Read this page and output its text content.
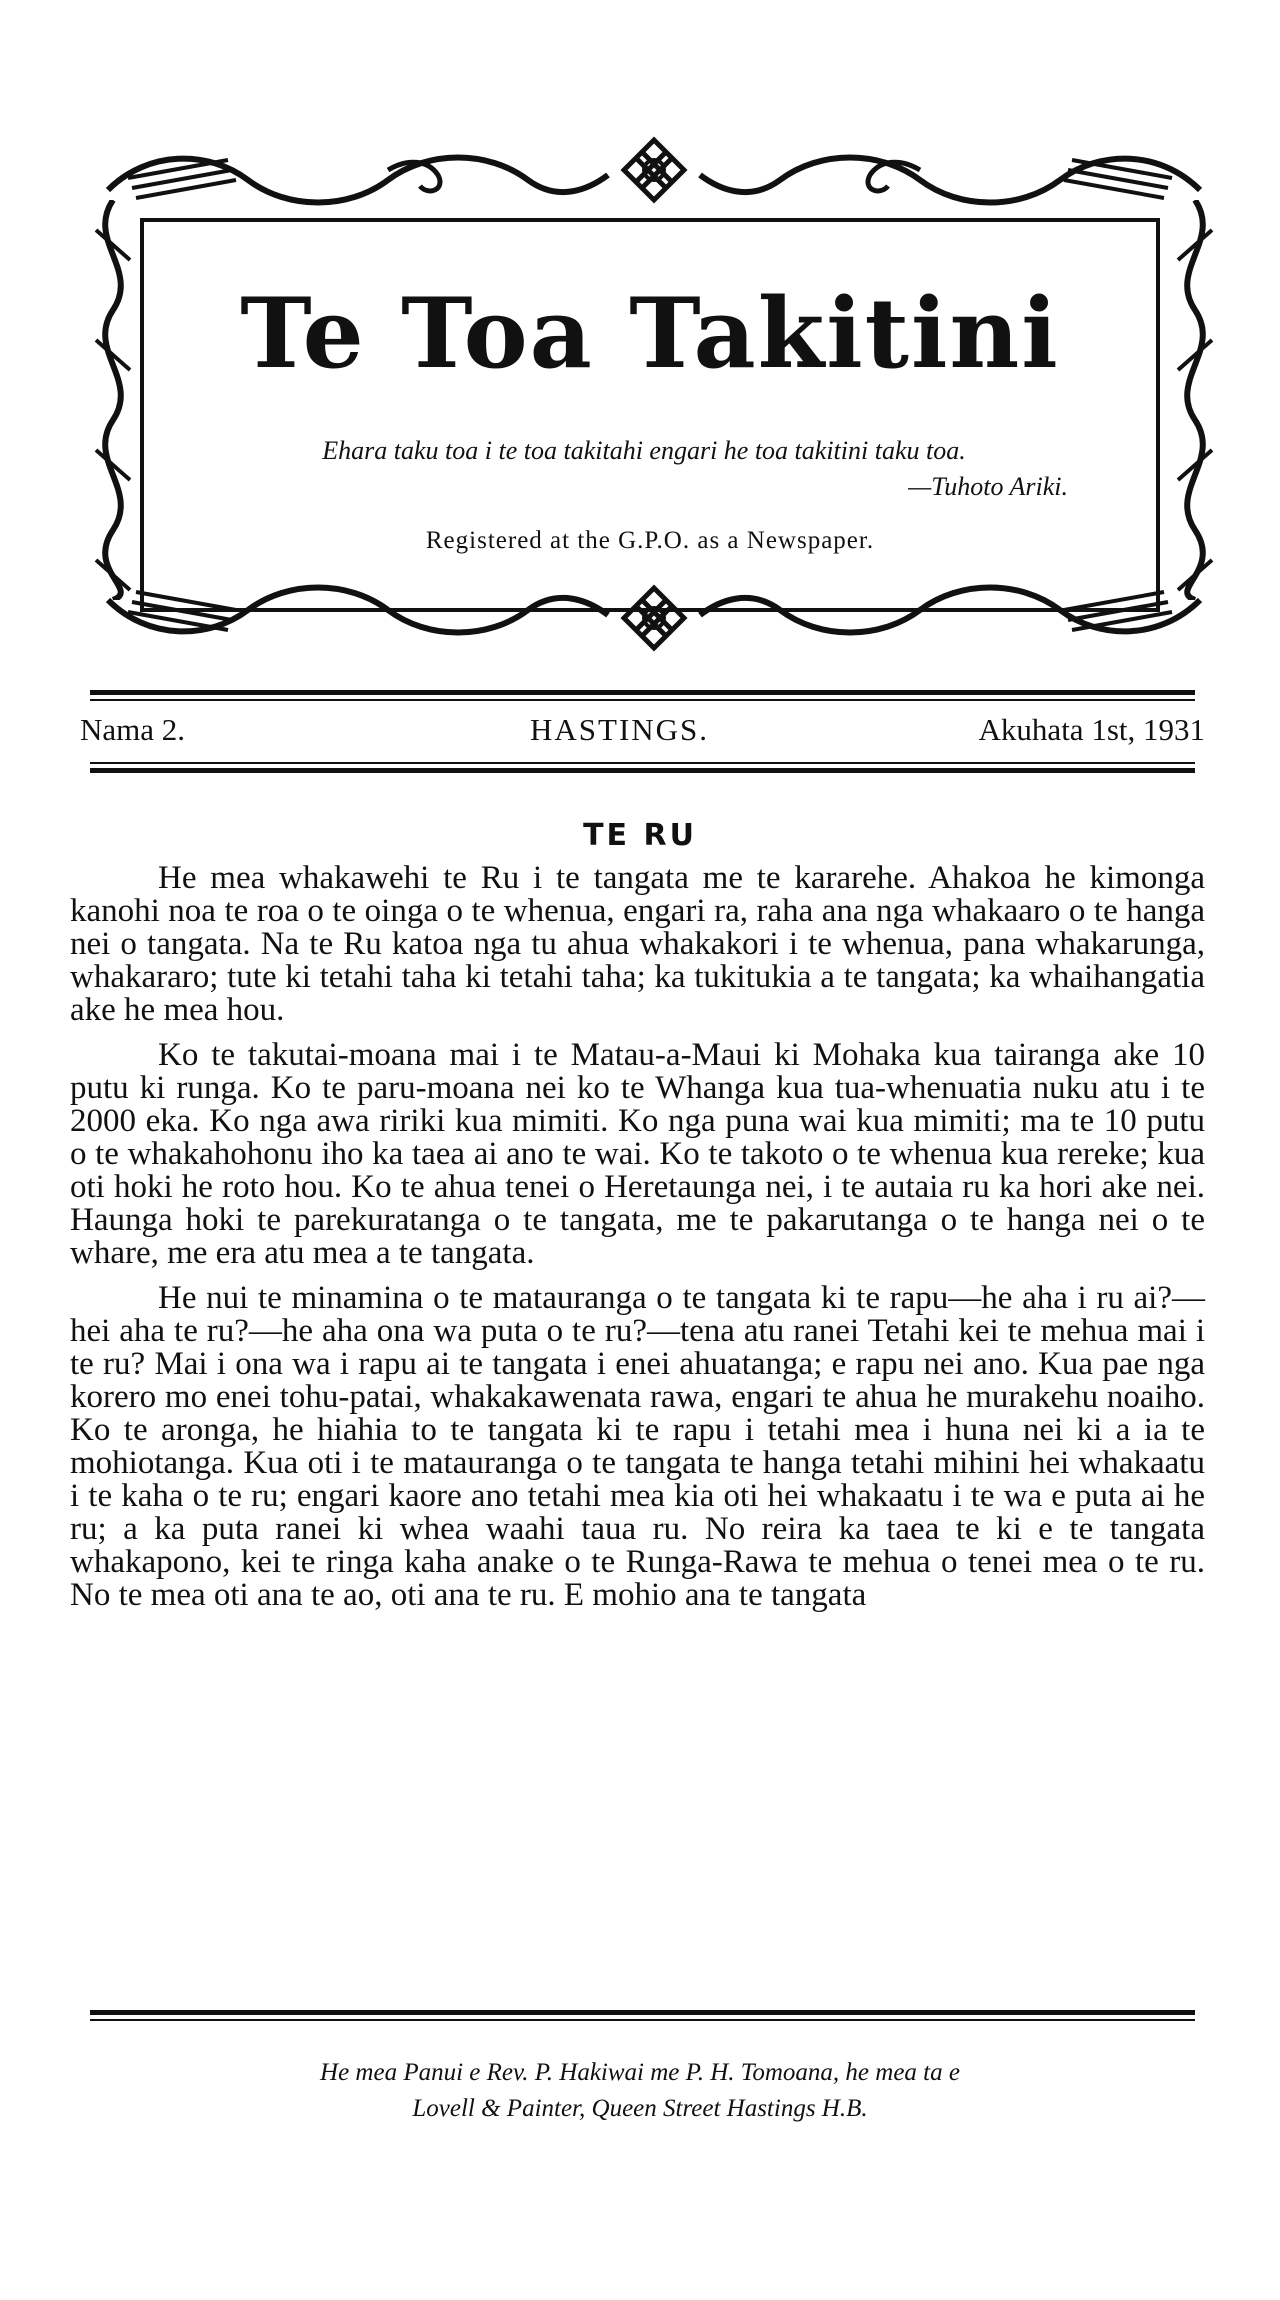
Te Toa Takitini
Ehara taku toa i te toa takitahi engari he toa takitini taku toa.
—Tuhoto Ariki.
Registered at the G.P.O. as a Newspaper.
Nama 2.	HASTINGS.	Akuhata 1st, 1931
TE RU

He mea whakawehi te Ru i te tangata me te kararehe. Ahakoa he kimonga kanohi noa te roa o te oinga o te whenua, engari ra, raha ana nga whakaaro o te hanga nei o tangata. Na te Ru katoa nga tu ahua whakakori i te whenua, pana whakarunga, whakararo; tute ki tetahi taha ki tetahi taha; ka tukitukia a te tangata; ka whaihangatia ake he mea hou.

Ko te takutai-moana mai i te Matau-a-Maui ki Mohaka kua tairanga ake 10 putu ki runga. Ko te paru-moana nei ko te Whanga kua tua-whenuatia nuku atu i te 2000 eka. Ko nga awa ririki kua mimiti. Ko nga puna wai kua mimiti; ma te 10 putu o te whakahohonu iho ka taea ai ano te wai. Ko te takoto o te whenua kua rereke; kua oti hoki he roto hou. Ko te ahua tenei o Heretaunga nei, i te autaia ru ka hori ake nei. Haunga hoki te parekuratanga o te tangata, me te pakarutanga o te hanga nei o te whare, me era atu mea a te tangata.

He nui te minamina o te matauranga o te tangata ki te rapu—he aha i ru ai?—hei aha te ru?—he aha ona wa puta o te ru?—tena atu ranei Tetahi kei te mehua mai i te ru? Mai i ona wa i rapu ai te tangata i enei ahuatanga; e rapu nei ano. Kua pae nga korero mo enei tohu-patai, whakakawenata rawa, engari te ahua he murakehu noaiho. Ko te aronga, he hiahia to te tangata ki te rapu i tetahi mea i huna nei ki a ia te mohiotanga. Kua oti i te matauranga o te tangata te hanga tetahi mihini hei whakaatu i te kaha o te ru; engari kaore ano tetahi mea kia oti hei whakaatu i te wa e puta ai he ru; a ka puta ranei ki whea waahi taua ru. No reira ka taea te ki e te tangata whakapono, kei te ringa kaha anake o te Runga-Rawa te mehua o tenei mea o te ru. No te mea oti ana te ao, oti ana te ru. E mohio ana te tangata

He mea Panui e Rev. P. Hakiwai me P. H. Tomoana, he mea ta e
Lovell & Painter, Queen Street Hastings H.B.
